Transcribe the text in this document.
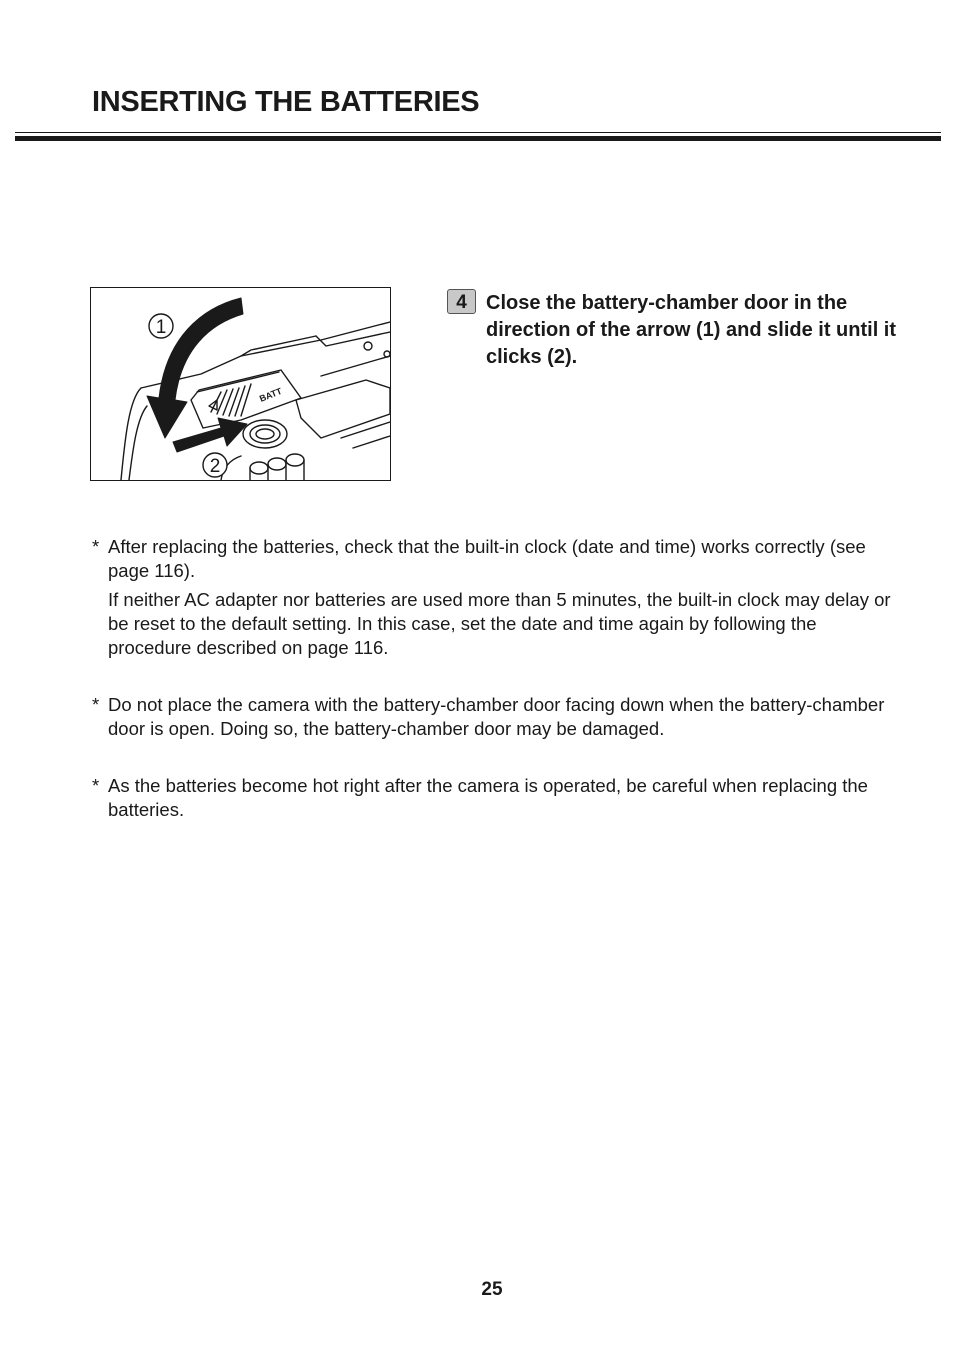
INSERTING THE BATTERIES
1
2
BATT
4 Close the battery-chamber door in the direction of the arrow (1) and slide it until it clicks (2).

* After replacing the batteries, check that the built-in clock (date and time) works correctly (see page 116).

If neither AC adapter nor batteries are used more than 5 minutes, the built-in clock may delay or be reset to the default setting. In this case, set the date and time again by following the procedure described on page 116.

* Do not place the camera with the battery-chamber door facing down when the battery-chamber door is open. Doing so, the battery-chamber door may be damaged.

* As the batteries become hot right after the camera is operated, be careful when replacing the batteries.

25
